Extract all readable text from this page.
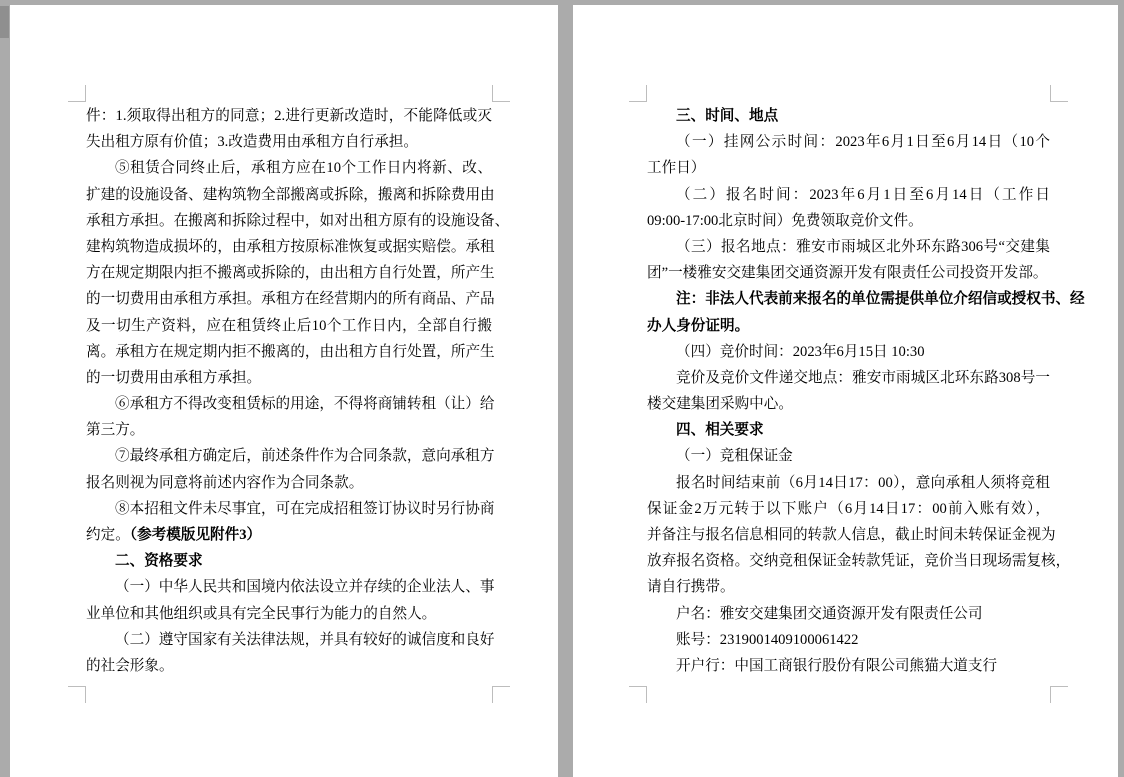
件：1.须取得出租方的同意；2.进行更新改造时，不能降低或灭
失出租方原有价值；3.改造费用由承租方自行承担。
⑤租赁合同终止后，承租方应在10个工作日内将新、改、
扩建的设施设备、建构筑物全部搬离或拆除，搬离和拆除费用由
承租方承担。在搬离和拆除过程中，如对出租方原有的设施设备、
建构筑物造成损坏的，由承租方按原标准恢复或据实赔偿。承租
方在规定期限内拒不搬离或拆除的，由出租方自行处置，所产生
的一切费用由承租方承担。承租方在经营期内的所有商品、产品
及一切生产资料，应在租赁终止后10个工作日内，全部自行搬
离。承租方在规定期内拒不搬离的，由出租方自行处置，所产生
的一切费用由承租方承担。
⑥承租方不得改变租赁标的用途，不得将商铺转租（让）给
第三方。
⑦最终承租方确定后，前述条件作为合同条款，意向承租方
报名则视为同意将前述内容作为合同条款。
⑧本招租文件未尽事宜，可在完成招租签订协议时另行协商
约定。（参考模版见附件3）
二、资格要求
（一）中华人民共和国境内依法设立并存续的企业法人、事
业单位和其他组织或具有完全民事行为能力的自然人。
（二）遵守国家有关法律法规，并具有较好的诚信度和良好
的社会形象。
三、时间、地点
（一）挂网公示时间：2023年6月1日至6月14日（10个
工作日）
（二）报名时间：2023年6月1日至6月14日（工作日
09:00-17:00北京时间）免费领取竞价文件。
（三）报名地点：雅安市雨城区北外环东路306号“交建集
团”一楼雅安交建集团交通资源开发有限责任公司投资开发部。
注：非法人代表前来报名的单位需提供单位介绍信或授权书、经
办人身份证明。
（四）竞价时间：2023年6月15日 10:30
竞价及竞价文件递交地点：雅安市雨城区北环东路308号一
楼交建集团采购中心。
四、相关要求
（一）竞租保证金
报名时间结束前（6月14日17：00），意向承租人须将竞租
保证金2万元转于以下账户（6月14日17：00前入账有效），
并备注与报名信息相同的转款人信息，截止时间未转保证金视为
放弃报名资格。交纳竞租保证金转款凭证，竞价当日现场需复核，
请自行携带。
户名：雅安交建集团交通资源开发有限责任公司
账号：2319001409100061422
开户行：中国工商银行股份有限公司熊猫大道支行
